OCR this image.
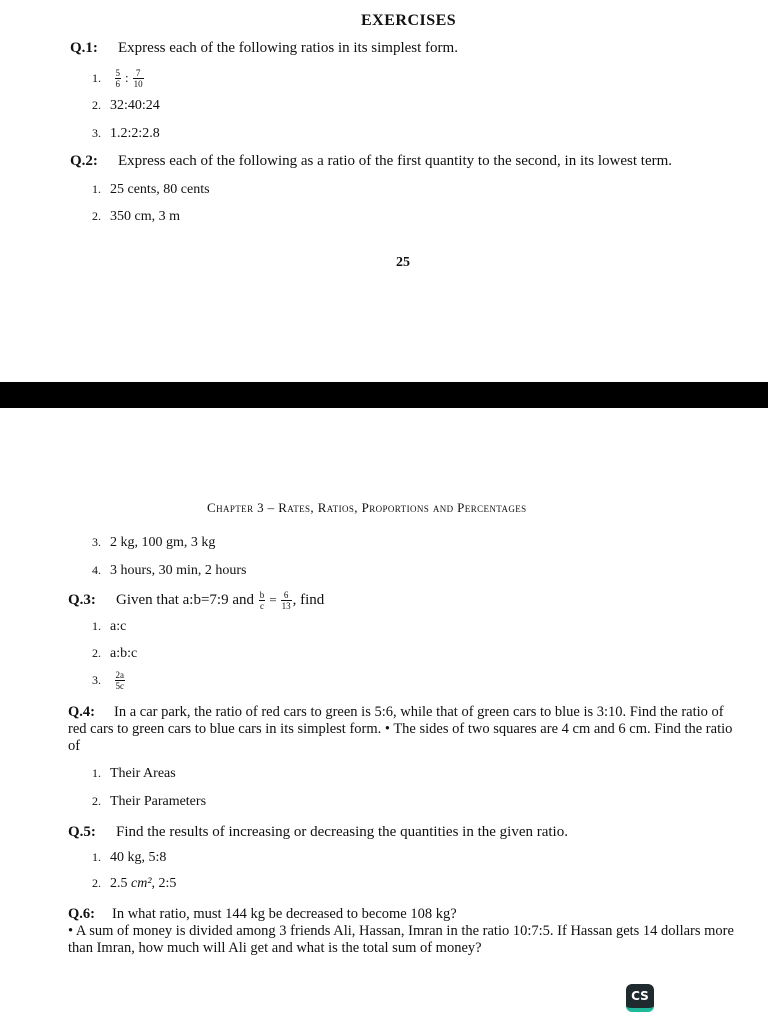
EXERCISES
Q.1: Express each of the following ratios in its simplest form.
1. $\frac{5}{6}$ : $\frac{7}{10}$
2. 32:40:24
3. 1.2:2:2.8
Q.2: Express each of the following as a ratio of the first quantity to the second, in its lowest term.
1. 25 cents, 80 cents
2. 350 cm, 3 m
25
Chapter 3 – Rates, Ratios, Proportions and Percentages
3. 2 kg, 100 gm, 3 kg
4. 3 hours, 30 min, 2 hours
Q.3: Given that a:b=7:9 and $\frac{b}{c} = \frac{6}{13}$ , find
1. a:c
2. a:b:c
3. $\frac{2a}{5c}$
Q.4: In a car park, the ratio of red cars to green is 5:6, while that of green cars to blue is 3:10. Find the ratio of red cars to green cars to blue cars in its simplest form. • The sides of two squares are 4 cm and 6 cm. Find the ratio of
1. Their Areas
2. Their Parameters
Q.5: Find the results of increasing or decreasing the quantities in the given ratio.
1. 40 kg, 5:8
2. 2.5 cm², 2:5
Q.6: In what ratio, must 144 kg be decreased to become 108 kg?
• A sum of money is divided among 3 friends Ali, Hassan, Imran in the ratio 10:7:5. If Hassan gets 14 dollars more than Imran, how much will Ali get and what is the total sum of money?
CS
